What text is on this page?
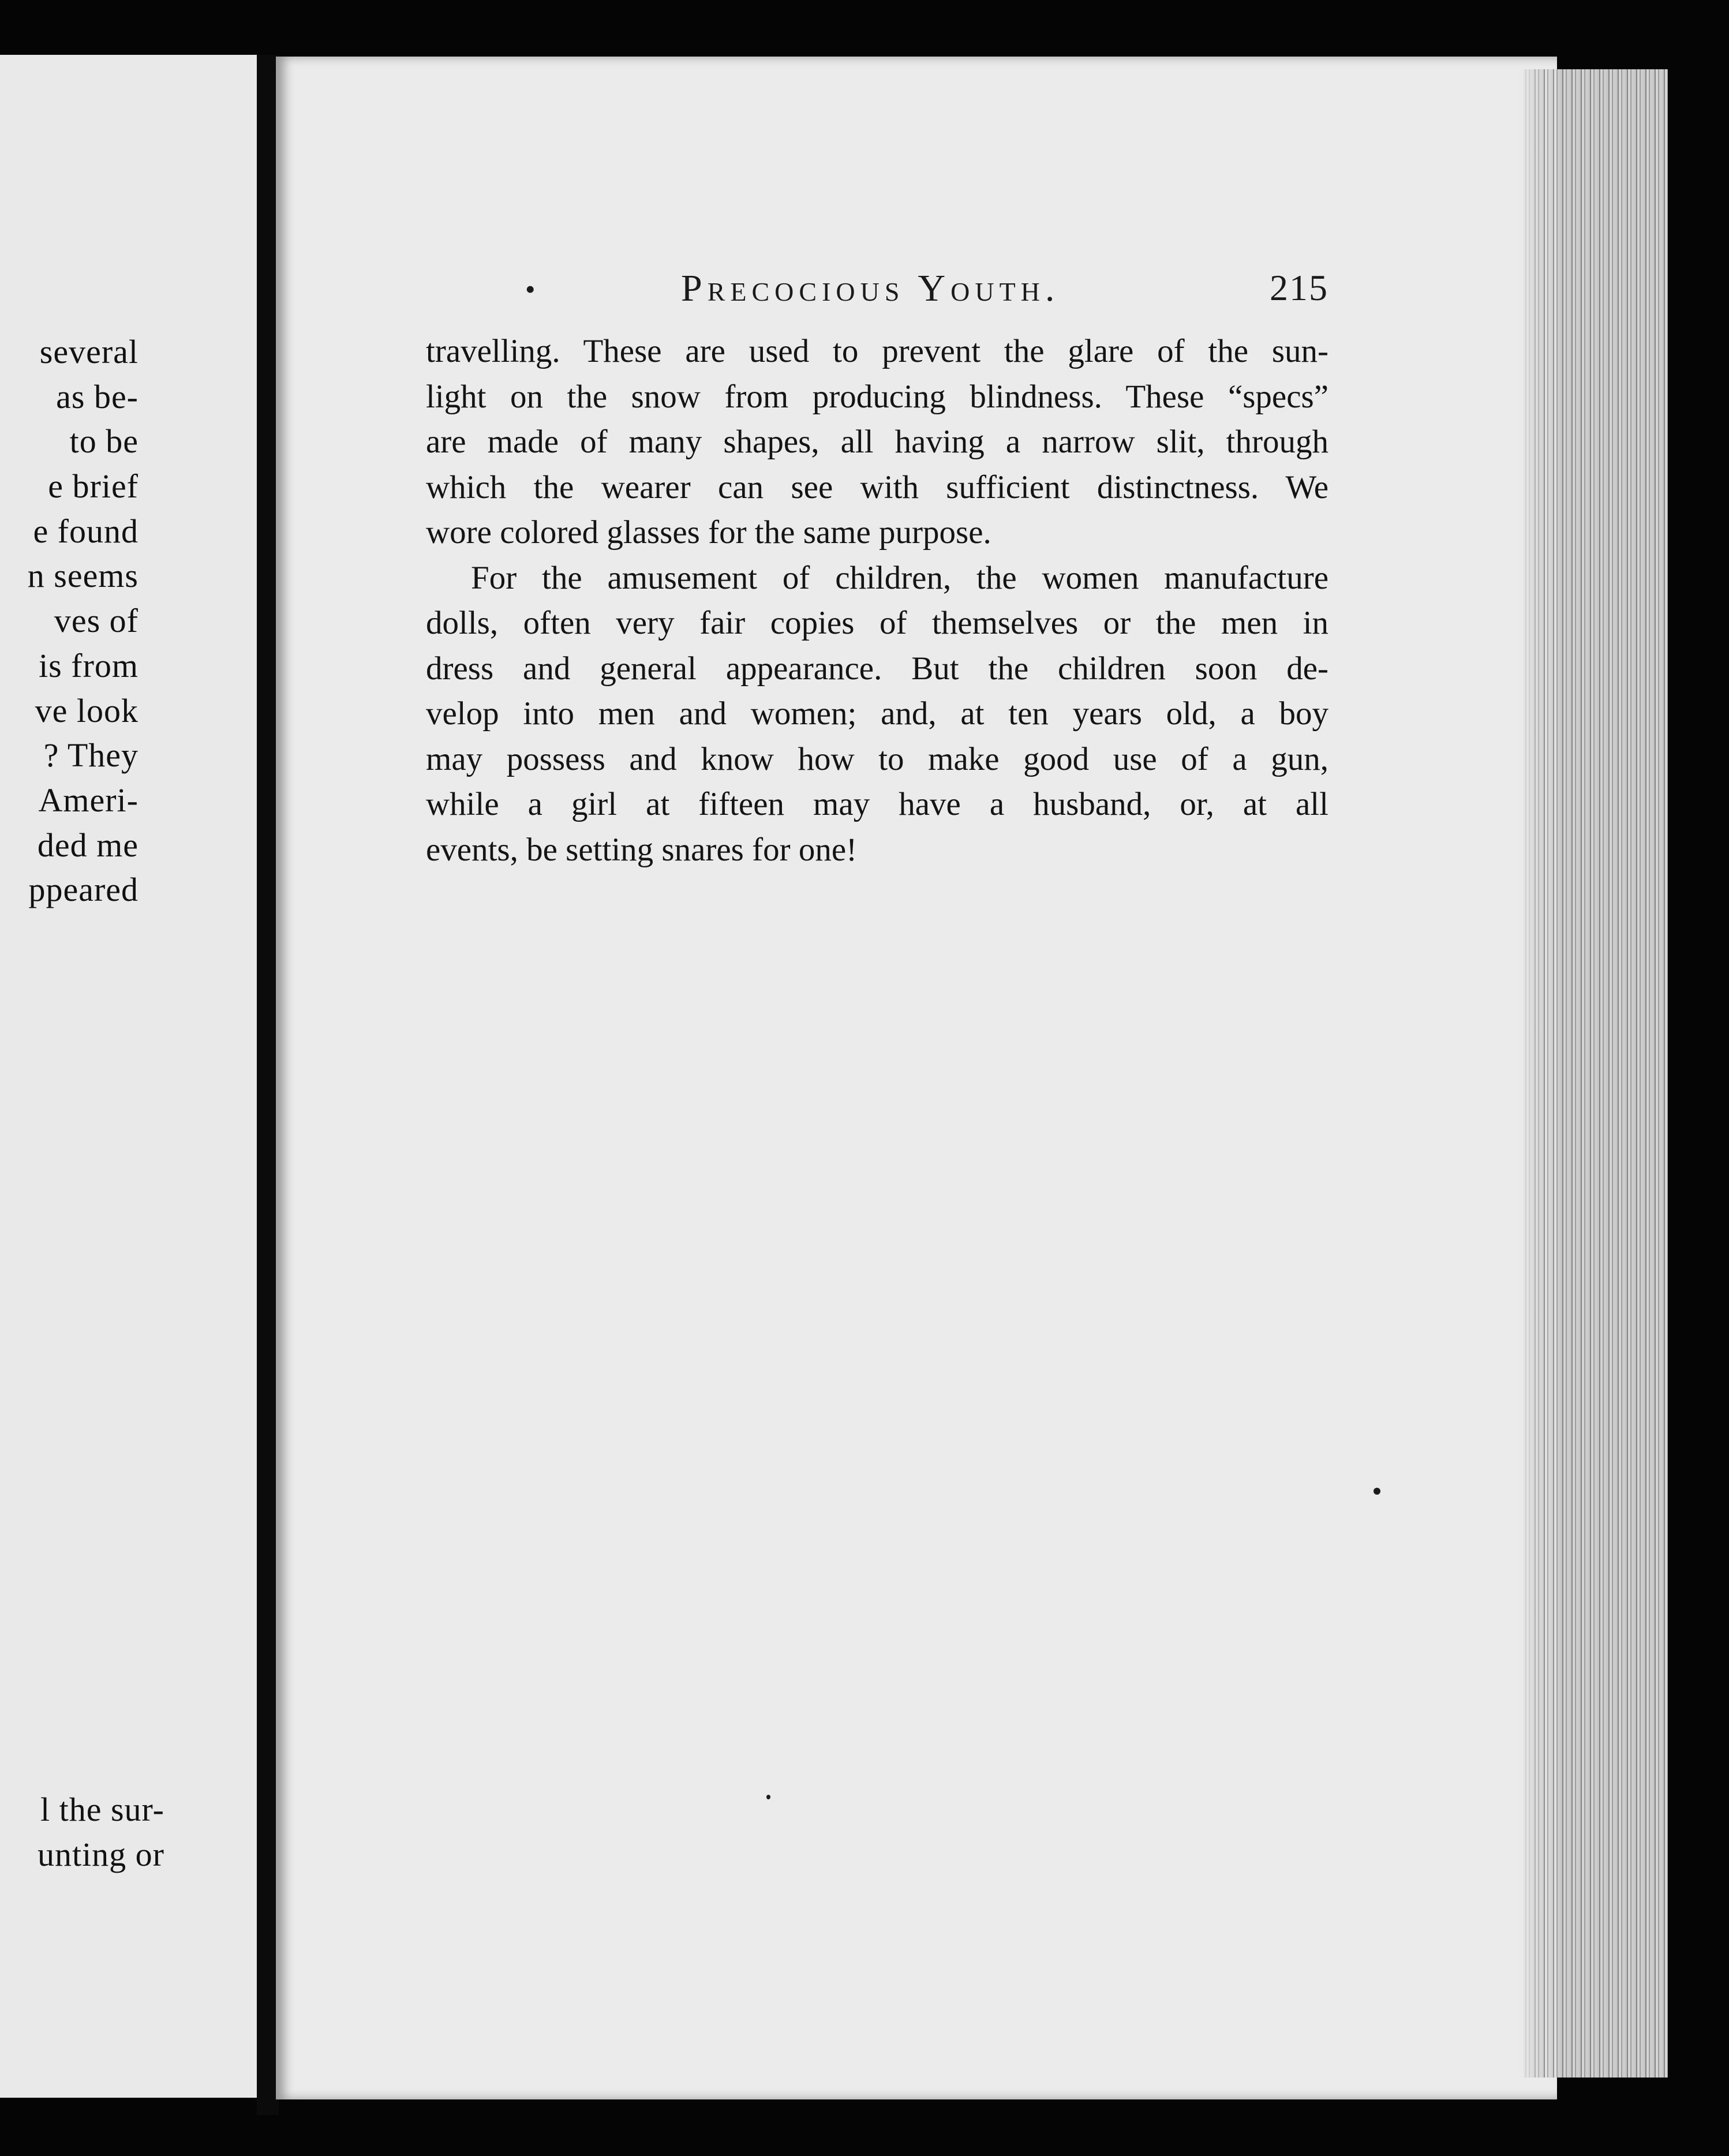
several
as be-
to be
e brief
e found
n seems
ves of
is from
ve look
? They
Ameri-
ded me
ppeared
l the sur-
unting or
•	Precocious Youth.	215
travelling. These are used to prevent the glare of the sun-
light on the snow from producing blindness. These “specs”
are made of many shapes, all having a narrow slit, through
which the wearer can see with sufficient distinctness. We
wore colored glasses for the same purpose.
For the amusement of children, the women manufacture
dolls, often very fair copies of themselves or the men in
dress and general appearance. But the children soon de-
velop into men and women; and, at ten years old, a boy
may possess and know how to make good use of a gun,
while a girl at fifteen may have a husband, or, at all
events, be setting snares for one!
